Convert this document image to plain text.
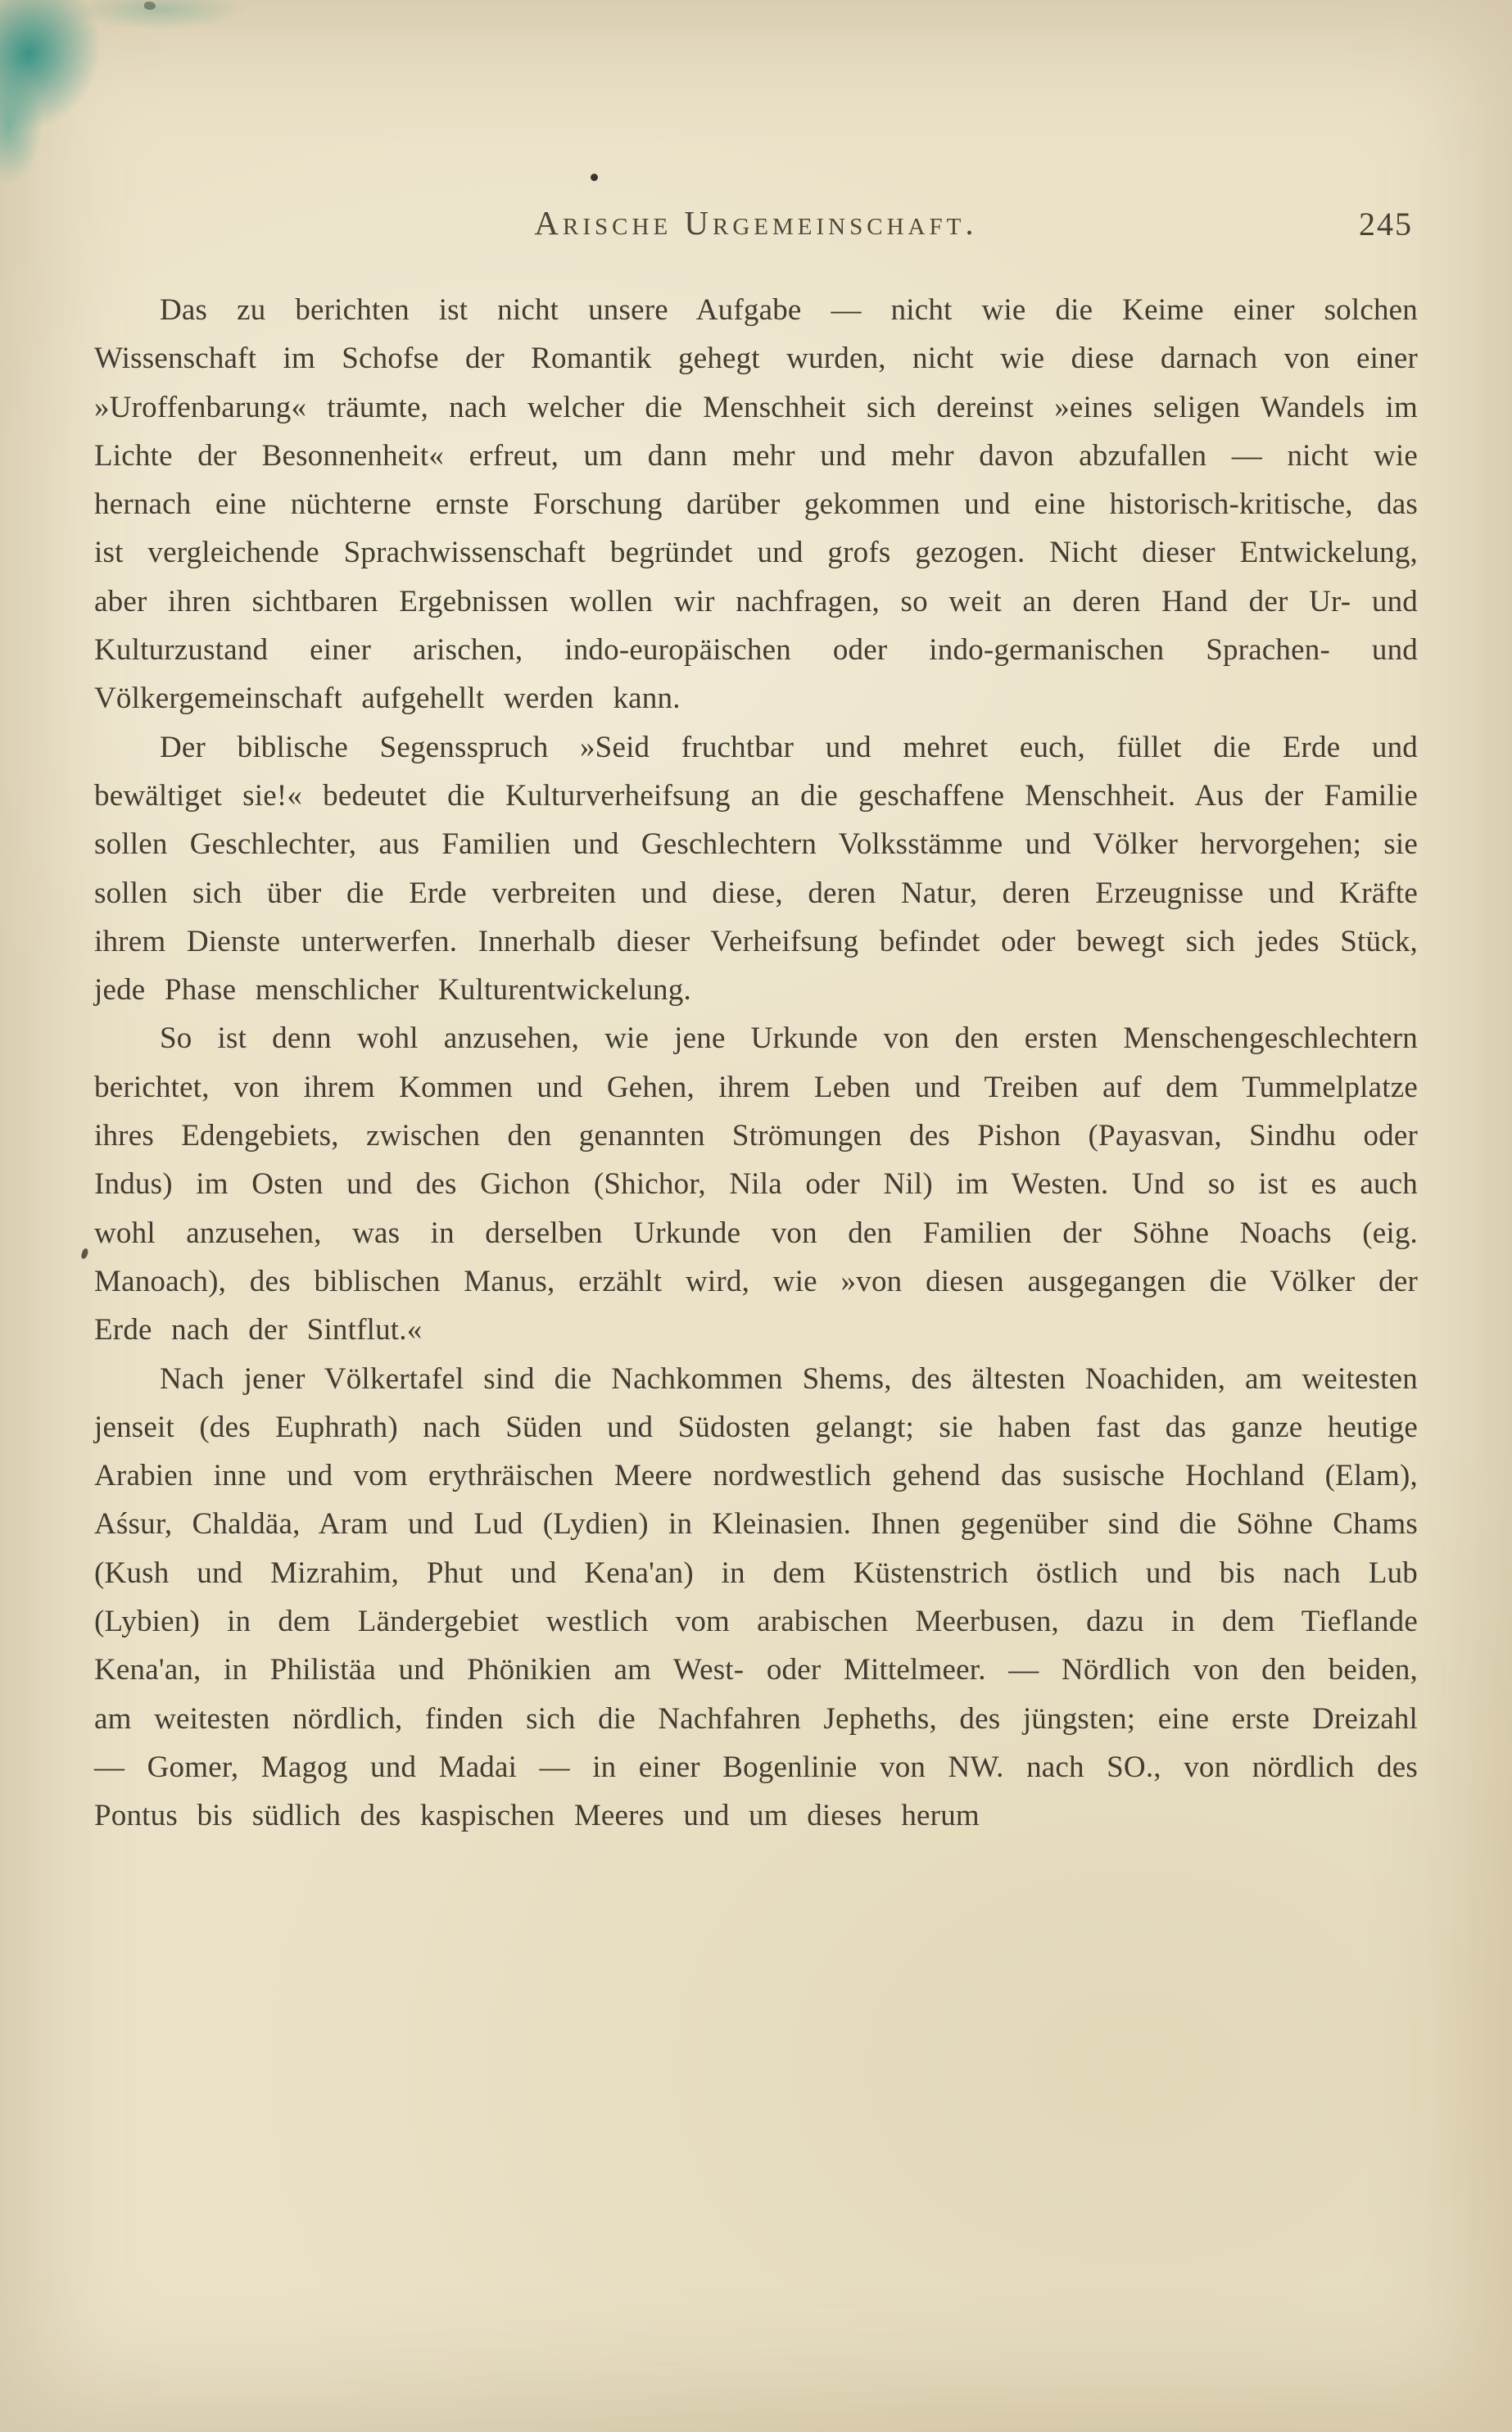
Arische Urgemeinschaft.	245

Das zu berichten ist nicht unsere Aufgabe — nicht wie die Keime einer solchen Wissenschaft im Schofse der Romantik gehegt wurden, nicht wie diese darnach von einer »Uroffenbarung« träumte, nach welcher die Menschheit sich dereinst »eines seligen Wandels im Lichte der Besonnenheit« erfreut, um dann mehr und mehr davon abzufallen — nicht wie hernach eine nüchterne ernste Forschung darüber gekommen und eine historisch-kritische, das ist vergleichende Sprachwissenschaft begründet und grofs gezogen. Nicht dieser Entwickelung, aber ihren sichtbaren Ergebnissen wollen wir nachfragen, so weit an deren Hand der Ur- und Kulturzustand einer arischen, indo-europäischen oder indo-germanischen Sprachen- und Völkergemeinschaft aufgehellt werden kann.

Der biblische Segensspruch »Seid fruchtbar und mehret euch, füllet die Erde und bewältiget sie!« bedeutet die Kulturverheifsung an die geschaffene Menschheit. Aus der Familie sollen Geschlechter, aus Familien und Geschlechtern Volksstämme und Völker hervorgehen; sie sollen sich über die Erde verbreiten und diese, deren Natur, deren Erzeugnisse und Kräfte ihrem Dienste unterwerfen. Innerhalb dieser Verheifsung befindet oder bewegt sich jedes Stück, jede Phase menschlicher Kulturentwickelung.

So ist denn wohl anzusehen, wie jene Urkunde von den ersten Menschengeschlechtern berichtet, von ihrem Kommen und Gehen, ihrem Leben und Treiben auf dem Tummelplatze ihres Edengebiets, zwischen den genannten Strömungen des Pishon (Payasvan, Sindhu oder Indus) im Osten und des Gichon (Shichor, Nila oder Nil) im Westen. Und so ist es auch wohl anzusehen, was in derselben Urkunde von den Familien der Söhne Noachs (eig. Manoach), des biblischen Manus, erzählt wird, wie »von diesen ausgegangen die Völker der Erde nach der Sintflut.«

Nach jener Völkertafel sind die Nachkommen Shems, des ältesten Noachiden, am weitesten jenseit (des Euphrath) nach Süden und Südosten gelangt; sie haben fast das ganze heutige Arabien inne und vom erythräischen Meere nordwestlich gehend das susische Hochland (Elam), Aśsur, Chaldäa, Aram und Lud (Lydien) in Kleinasien. Ihnen gegenüber sind die Söhne Chams (Kush und Mizrahim, Phut und Kena'an) in dem Küstenstrich östlich und bis nach Lub (Lybien) in dem Ländergebiet westlich vom arabischen Meerbusen, dazu in dem Tieflande Kena'an, in Philistäa und Phönikien am West- oder Mittelmeer. — Nördlich von den beiden, am weitesten nördlich, finden sich die Nachfahren Jepheths, des jüngsten; eine erste Dreizahl — Gomer, Magog und Madai — in einer Bogenlinie von NW. nach SO., von nördlich des Pontus bis südlich des kaspischen Meeres und um dieses herum
